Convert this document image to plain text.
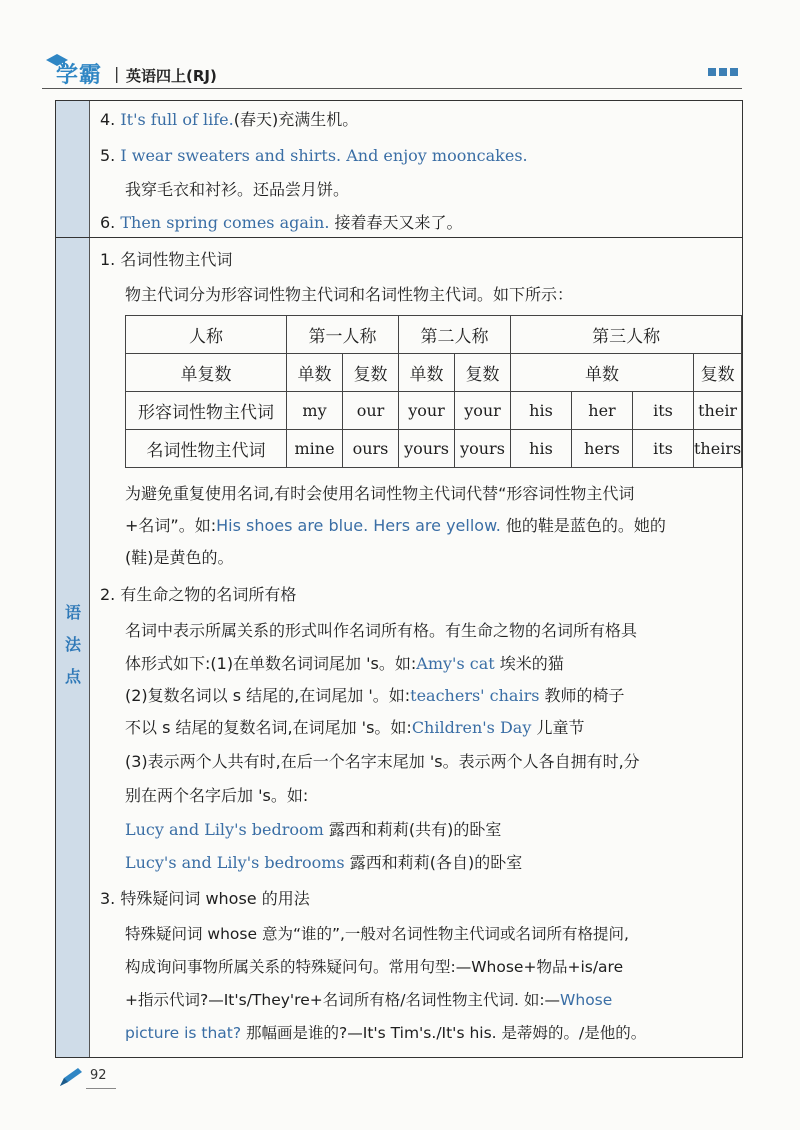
学霸 | 英语四上(RJ)
语法点
4. It's full of life.(春天)充满生机。
5. I wear sweaters and shirts. And enjoy mooncakes.
我穿毛衣和衬衫。还品尝月饼。
6. Then spring comes again. 接着春天又来了。
1. 名词性物主代词
物主代词分为形容词性物主代词和名词性物主代词。如下所示：
人称	第一人称		第二人称		第三人称			
单复数	单数	复数	单数	复数	单数			复数
形容词性物主代词	my	our	your	your	his	her	its	their
名词性物主代词	mine	ours	yours	yours	his	hers	its	theirs
为避免重复使用名词,有时会使用名词性物主代词代替“形容词性物主代词
+名词”。如:His shoes are blue. Hers are yellow. 他的鞋是蓝色的。她的
(鞋)是黄色的。
2. 有生命之物的名词所有格
名词中表示所属关系的形式叫作名词所有格。有生命之物的名词所有格具
体形式如下:(1)在单数名词词尾加 's。如:Amy's cat 埃米的猫
(2)复数名词以 s 结尾的,在词尾加 '。如:teachers' chairs 教师的椅子
不以 s 结尾的复数名词,在词尾加 's。如:Children's Day 儿童节
(3)表示两个人共有时,在后一个名字末尾加 's。表示两个人各自拥有时,分
别在两个名字后加 's。如:
Lucy and Lily's bedroom 露西和莉莉(共有)的卧室
Lucy's and Lily's bedrooms 露西和莉莉(各自)的卧室
3. 特殊疑问词 whose 的用法
特殊疑问词 whose 意为“谁的”,一般对名词性物主代词或名词所有格提问,
构成询问事物所属关系的特殊疑问句。常用句型:—Whose+物品+is/are
+指示代词?—It's/They're+名词所有格/名词性物主代词. 如:—Whose
picture is that? 那幅画是谁的?—It's Tim's./It's his. 是蒂姆的。/是他的。
92
